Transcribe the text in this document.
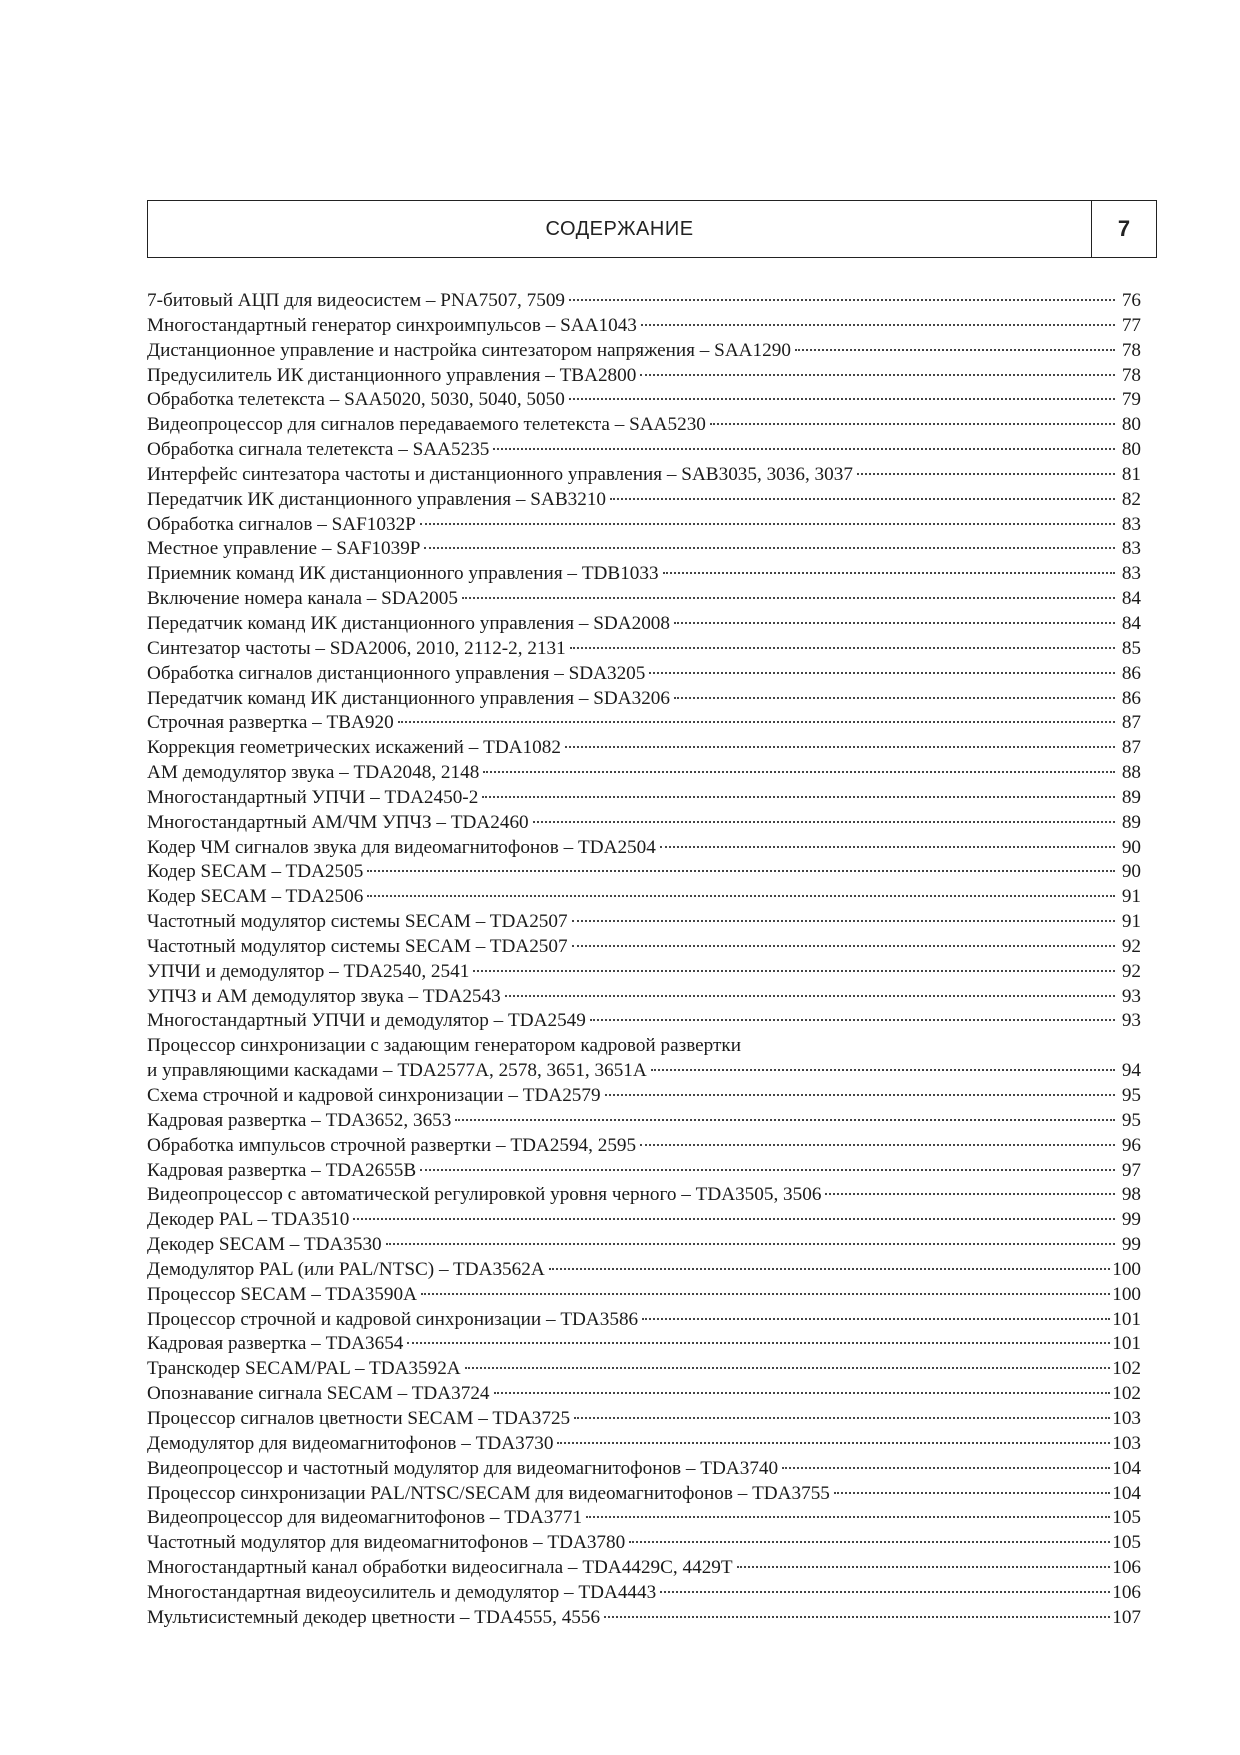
СОДЕРЖАНИЕ	7
7-битовый АЦП для видеосистем – PNA7507, 7509	76
Многостандартный генератор синхроимпульсов – SAA1043	77
Дистанционное управление и настройка синтезатором напряжения – SAA1290	78
Предусилитель ИК дистанционного управления – TBA2800	78
Обработка телетекста – SAA5020, 5030, 5040, 5050	79
Видеопроцессор для сигналов передаваемого телетекста – SAA5230	80
Обработка сигнала телетекста – SAA5235	80
Интерфейс синтезатора частоты и дистанционного управления – SAB3035, 3036, 3037	81
Передатчик ИК дистанционного управления – SAB3210	82
Обработка сигналов – SAF1032P	83
Местное управление – SAF1039P	83
Приемник команд ИК дистанционного управления – TDB1033	83
Включение номера канала – SDA2005	84
Передатчик команд ИК дистанционного управления – SDA2008	84
Синтезатор частоты – SDA2006, 2010, 2112-2, 2131	85
Обработка сигналов дистанционного управления – SDA3205	86
Передатчик команд ИК дистанционного управления – SDA3206	86
Строчная развертка – TBA920	87
Коррекция геометрических искажений – TDA1082	87
АМ демодулятор звука – TDA2048, 2148	88
Многостандартный УПЧИ – TDA2450-2	89
Многостандартный АМ/ЧМ УПЧЗ – TDA2460	89
Кодер ЧМ сигналов звука для видеомагнитофонов – TDA2504	90
Кодер SECAM – TDA2505	90
Кодер SECAM – TDA2506	91
Частотный модулятор системы SECAM – TDA2507	91
Частотный модулятор системы SECAM – TDA2507	92
УПЧИ и демодулятор – TDA2540, 2541	92
УПЧЗ и АМ демодулятор звука – TDA2543	93
Многостандартный УПЧИ и демодулятор – TDA2549	93
Процессор синхронизации с задающим генератором кадровой развертки
и управляющими каскадами – TDA2577A, 2578, 3651, 3651A	94
Схема строчной и кадровой синхронизации – TDA2579	95
Кадровая развертка – TDA3652, 3653	95
Обработка импульсов строчной развертки – TDA2594, 2595	96
Кадровая развертка – TDA2655B	97
Видеопроцессор с автоматической регулировкой уровня черного – TDA3505, 3506	98
Декодер PAL – TDA3510	99
Декодер SECAM – TDA3530	99
Демодулятор PAL (или PAL/NTSC) – TDA3562A	100
Процессор SECAM – TDA3590A	100
Процессор строчной и кадровой синхронизации – TDA3586	101
Кадровая развертка – TDA3654	101
Транскодер SECAM/PAL – TDA3592A	102
Опознавание сигнала SECAM – TDA3724	102
Процессор сигналов цветности SECAM – TDA3725	103
Демодулятор для видеомагнитофонов – TDA3730	103
Видеопроцессор и частотный модулятор для видеомагнитофонов – TDA3740	104
Процессор синхронизации PAL/NTSC/SECAM для видеомагнитофонов – TDA3755	104
Видеопроцессор для видеомагнитофонов – TDA3771	105
Частотный модулятор для видеомагнитофонов – TDA3780	105
Многостандартный канал обработки видеосигнала – TDA4429C, 4429T	106
Многостандартная видеоусилитель и демодулятор – TDA4443	106
Мультисистемный декодер цветности – TDA4555, 4556	107
